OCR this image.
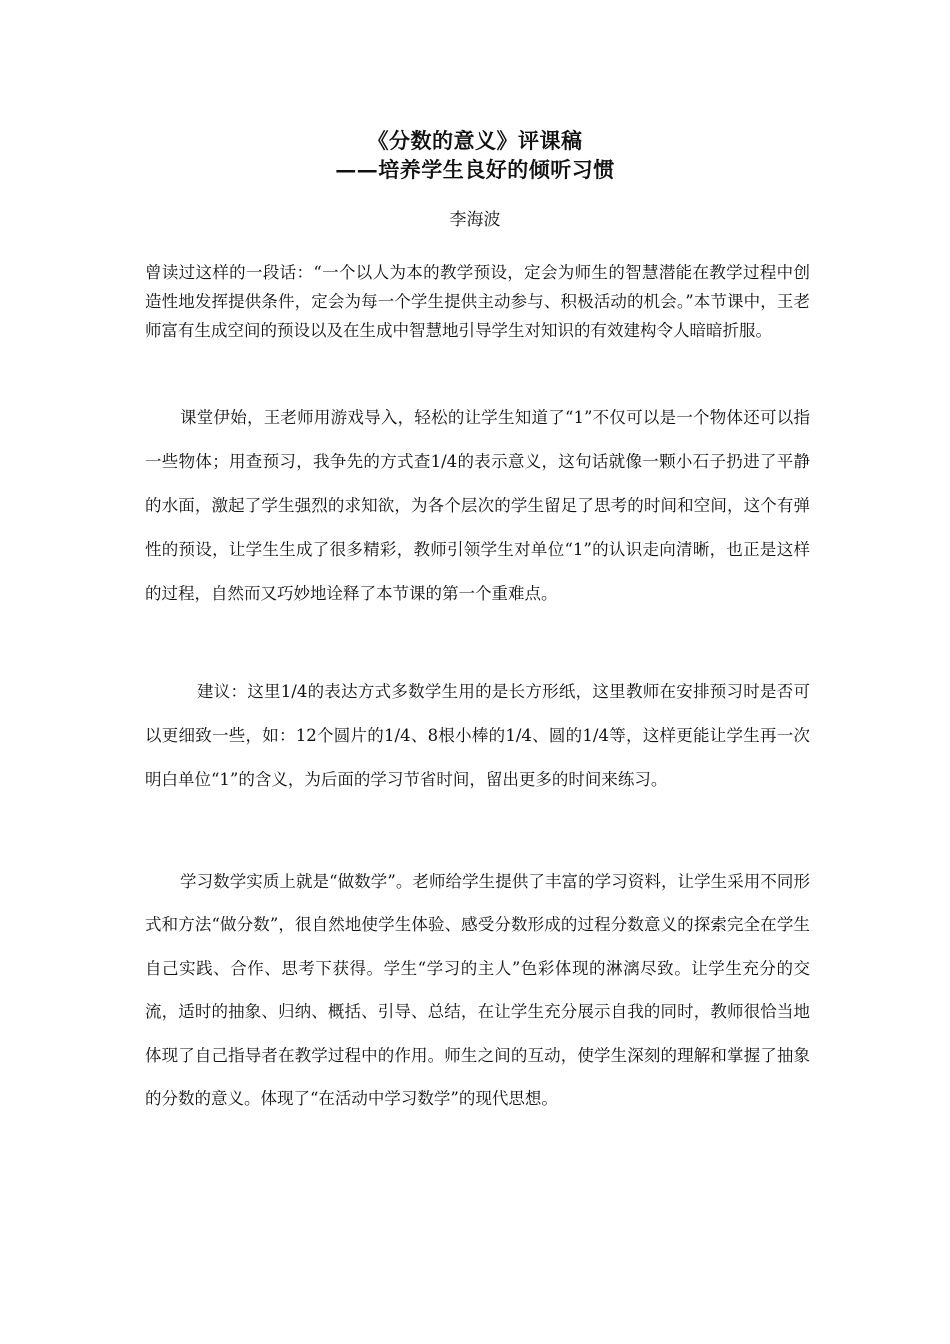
《分数的意义》评课稿
——培养学生良好的倾听习惯
李海波

曾读过这样的一段话：“一个以人为本的教学预设，定会为师生的智慧潜能在教学过程中创造性地发挥提供条件，定会为每一个学生提供主动参与、积极活动的机会。”本节课中，王老师富有生成空间的预设以及在生成中智慧地引导学生对知识的有效建构令人暗暗折服。

课堂伊始，王老师用游戏导入，轻松的让学生知道了“1”不仅可以是一个物体还可以指一些物体；用查预习，我争先的方式查1/4的表示意义，这句话就像一颗小石子扔进了平静的水面，激起了学生强烈的求知欲，为各个层次的学生留足了思考的时间和空间，这个有弹性的预设，让学生生成了很多精彩，教师引领学生对单位“1”的认识走向清晰，也正是这样的过程，自然而又巧妙地诠释了本节课的第一个重难点。

建议：这里1/4的表达方式多数学生用的是长方形纸，这里教师在安排预习时是否可以更细致一些，如：12个圆片的1/4、8根小棒的1/4、圆的1/4等，这样更能让学生再一次明白单位“1”的含义，为后面的学习节省时间，留出更多的时间来练习。

学习数学实质上就是“做数学”。老师给学生提供了丰富的学习资料，让学生采用不同形式和方法“做分数”，很自然地使学生体验、感受分数形成的过程分数意义的探索完全在学生自己实践、合作、思考下获得。学生“学习的主人”色彩体现的淋漓尽致。让学生充分的交流，适时的抽象、归纳、概括、引导、总结，在让学生充分展示自我的同时，教师很恰当地体现了自己指导者在教学过程中的作用。师生之间的互动，使学生深刻的理解和掌握了抽象的分数的意义。体现了“在活动中学习数学”的现代思想。
